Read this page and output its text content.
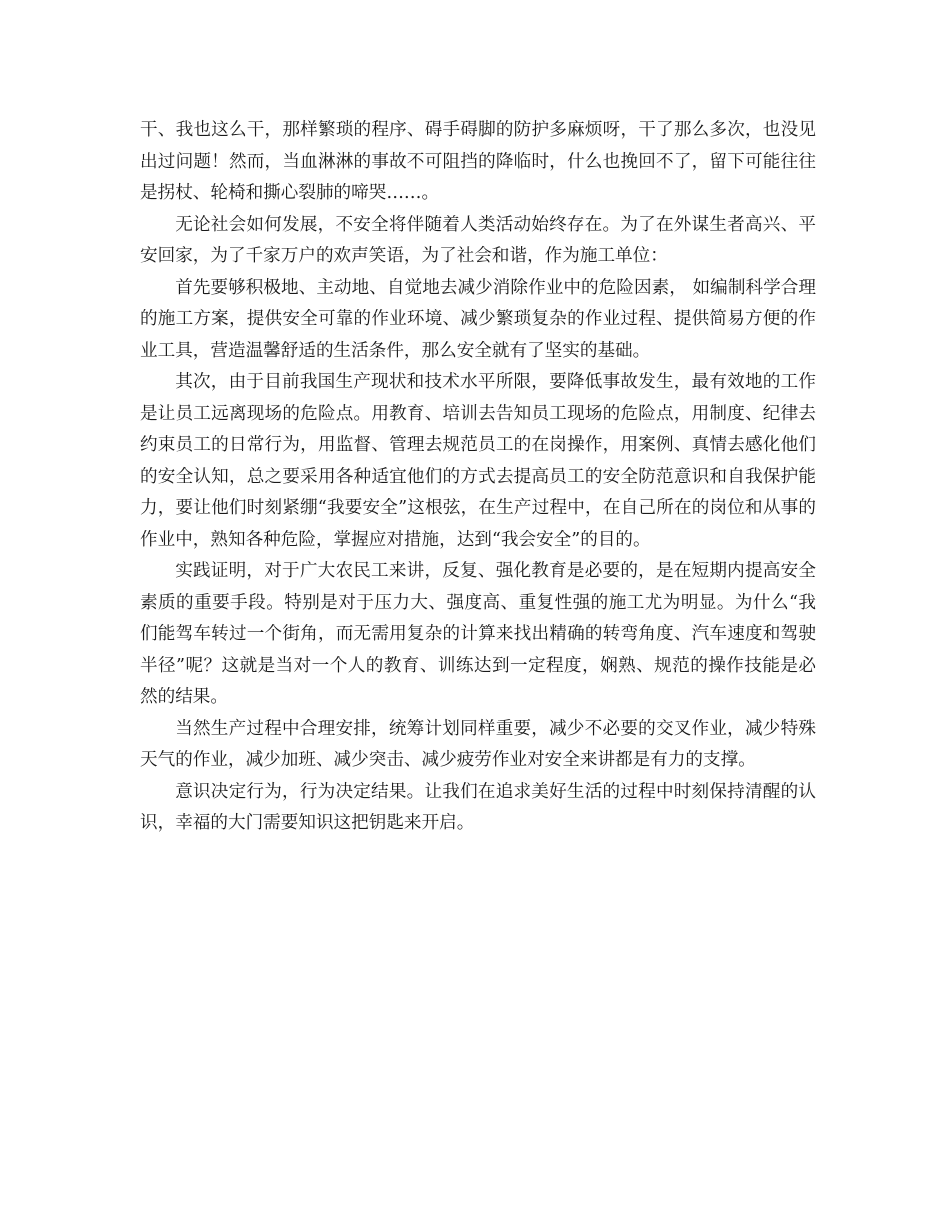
干、我也这么干，那样繁琐的程序、碍手碍脚的防护多麻烦呀，干了那么多次，也没见出过问题！然而，当血淋淋的事故不可阻挡的降临时，什么也挽回不了，留下可能往往是拐杖、轮椅和撕心裂肺的啼哭……。

无论社会如何发展，不安全将伴随着人类活动始终存在。为了在外谋生者高兴、平安回家，为了千家万户的欢声笑语，为了社会和谐，作为施工单位：

首先要够积极地、主动地、自觉地去减少消除作业中的危险因素， 如编制科学合理的施工方案，提供安全可靠的作业环境、减少繁琐复杂的作业过程、提供简易方便的作业工具，营造温馨舒适的生活条件，那么安全就有了坚实的基础。

其次，由于目前我国生产现状和技术水平所限，要降低事故发生，最有效地的工作是让员工远离现场的危险点。用教育、培训去告知员工现场的危险点，用制度、纪律去约束员工的日常行为，用监督、管理去规范员工的在岗操作，用案例、真情去感化他们的安全认知，总之要采用各种适宜他们的方式去提高员工的安全防范意识和自我保护能力，要让他们时刻紧绷“我要安全”这根弦，在生产过程中，在自己所在的岗位和从事的作业中，熟知各种危险，掌握应对措施，达到“我会安全”的目的。

实践证明，对于广大农民工来讲，反复、强化教育是必要的，是在短期内提高安全素质的重要手段。特别是对于压力大、强度高、重复性强的施工尤为明显。为什么“我们能驾车转过一个街角，而无需用复杂的计算来找出精确的转弯角度、汽车速度和驾驶半径”呢？这就是当对一个人的教育、训练达到一定程度，娴熟、规范的操作技能是必然的结果。

当然生产过程中合理安排，统筹计划同样重要，减少不必要的交叉作业，减少特殊天气的作业，减少加班、减少突击、减少疲劳作业对安全来讲都是有力的支撑。

意识决定行为，行为决定结果。让我们在追求美好生活的过程中时刻保持清醒的认识，幸福的大门需要知识这把钥匙来开启。
